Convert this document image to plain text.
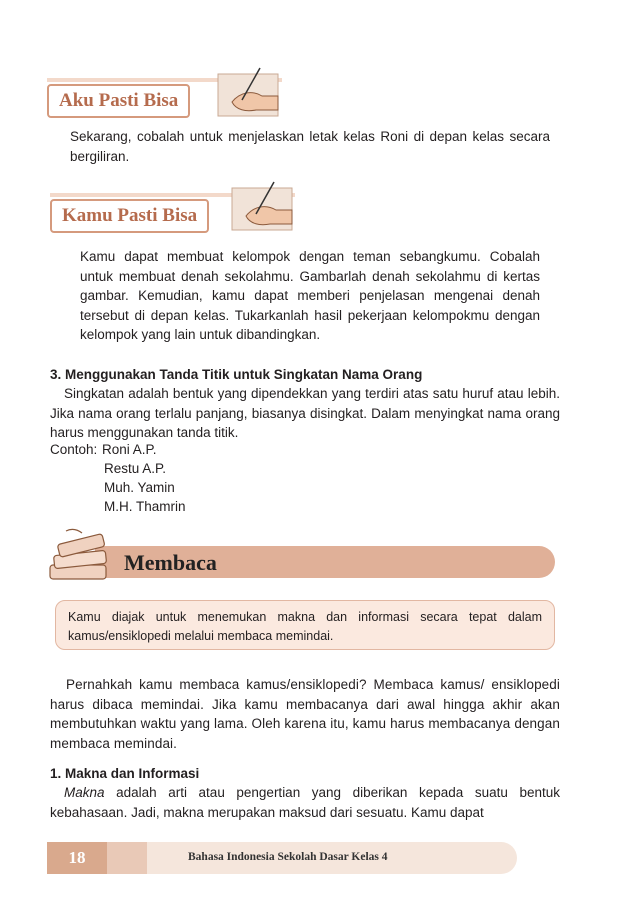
Aku Pasti Bisa

Sekarang, cobalah untuk menjelaskan letak kelas Roni di depan kelas secara bergiliran.

Kamu Pasti Bisa

Kamu dapat membuat kelompok dengan teman sebangkumu. Cobalah untuk membuat denah sekolahmu. Gambarlah denah sekolahmu di kertas gambar. Kemudian, kamu dapat memberi penjelasan mengenai denah tersebut di depan kelas. Tukarkanlah hasil pekerjaan kelompokmu dengan kelompok yang lain untuk dibandingkan.

3. Menggunakan Tanda Titik untuk Singkatan Nama Orang

Singkatan adalah bentuk yang dipendekkan yang terdiri atas satu huruf atau lebih. Jika nama orang terlalu panjang, biasanya disingkat. Dalam menyingkat nama orang harus menggunakan tanda titik.

Contoh: Roni A.P.
Restu A.P.
Muh. Yamin
M.H. Thamrin
Membaca
Kamu diajak untuk menemukan makna dan informasi secara tepat dalam kamus/ensiklopedi melalui membaca memindai.

Pernahkah kamu membaca kamus/ensiklopedi? Membaca kamus/ ensiklopedi harus dibaca memindai. Jika kamu membacanya dari awal hingga akhir akan membutuhkan waktu yang lama. Oleh karena itu, kamu harus membacanya dengan membaca memindai.

1. Makna dan Informasi

Makna adalah arti atau pengertian yang diberikan kepada suatu bentuk kebahasaan. Jadi, makna merupakan maksud dari sesuatu. Kamu dapat

18	Bahasa Indonesia Sekolah Dasar Kelas 4
